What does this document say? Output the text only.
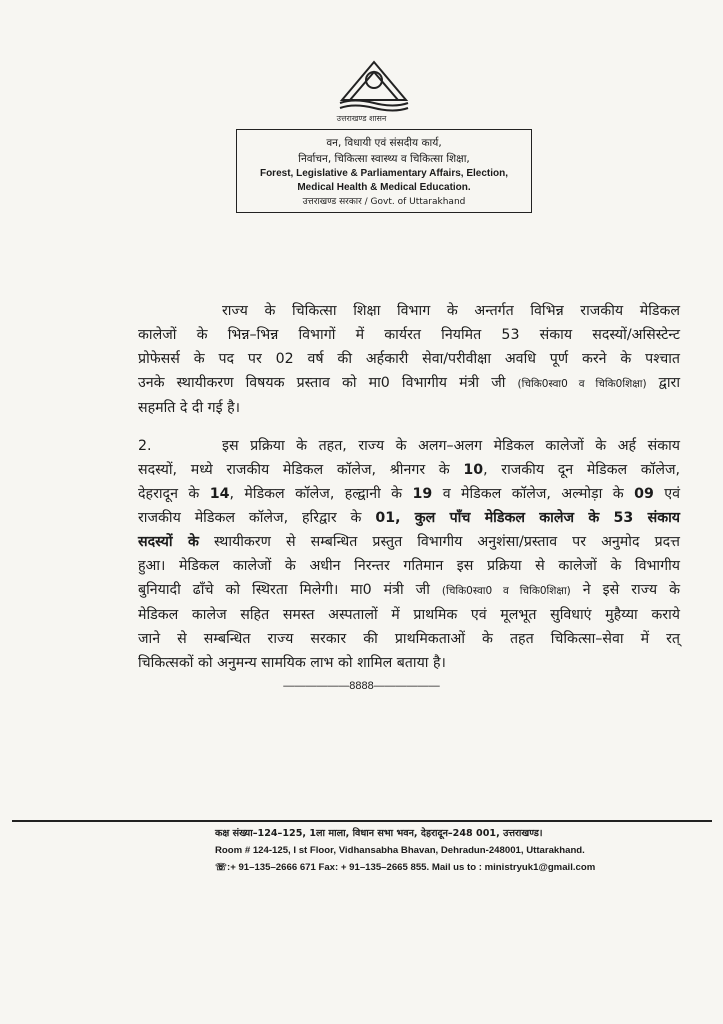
उत्तराखण्ड शासन
वन, विधायी एवं संसदीय कार्य,
निर्वाचन, चिकित्सा स्वास्थ्य व चिकित्सा शिक्षा,
Forest, Legislative & Parliamentary Affairs, Election,
Medical Health & Medical Education.
उत्तराखण्ड सरकार / Govt. of Uttarakhand
राज्य के चिकित्सा शिक्षा विभाग के अन्तर्गत विभिन्न राजकीय मेडिकल
कालेजों के भिन्न–भिन्न विभागों में कार्यरत नियमित 53 संकाय सदस्यों/असिस्टेन्ट
प्रोफेसर्स के पद पर 02 वर्ष की अर्हकारी सेवा/परीवीक्षा अवधि पूर्ण करने के पश्चात
उनके स्थायीकरण विषयक प्रस्ताव को मा0 विभागीय मंत्री जी (चिकि0स्वा0 व चिकि0शिक्षा) द्वारा
सहमति दे दी गई है।
2.	इस प्रक्रिया के तहत, राज्य के अलग–अलग मेडिकल कालेजों के अर्ह संकाय
सदस्यों, मध्ये राजकीय मेडिकल कॉलेज, श्रीनगर के 10, राजकीय दून मेडिकल कॉलेज,
देहरादून के 14, मेडिकल कॉलेज, हल्द्वानी के 19 व मेडिकल कॉलेज, अल्मोड़ा के 09 एवं
राजकीय मेडिकल कॉलेज, हरिद्वार के 01, कुल पाँच मेडिकल कालेज के 53 संकाय
सदस्यों के स्थायीकरण से सम्बन्धित प्रस्तुत विभागीय अनुशंसा/प्रस्ताव पर अनुमोद प्रदत्त
हुआ। मेडिकल कालेजों के अधीन निरन्तर गतिमान इस प्रक्रिया से कालेजों के विभागीय
बुनियादी ढाँचे को स्थिरता मिलेगी। मा0 मंत्री जी (चिकि0स्वा0 व चिकि0शिक्षा) ने इसे राज्य के
मेडिकल कालेज सहित समस्त अस्पतालों में प्राथमिक एवं मूलभूत सुविधाएं मुहैय्या कराये
जाने से सम्बन्धित राज्य सरकार की प्राथमिकताओं के तहत चिकित्सा–सेवा में रत्
चिकित्सकों को अनुमन्य सामयिक लाभ को शामिल बताया है।
——————8888——————
कक्ष संख्या–124–125, 1ला माला, विधान सभा भवन, देहरादून–248 001, उत्तराखण्ड।
Room # 124-125, I st Floor, Vidhansabha Bhavan, Dehradun-248001, Uttarakhand.
☏:+ 91–135–2666 671 Fax: + 91–135–2665 855. Mail us to : ministryuk1@gmail.com
